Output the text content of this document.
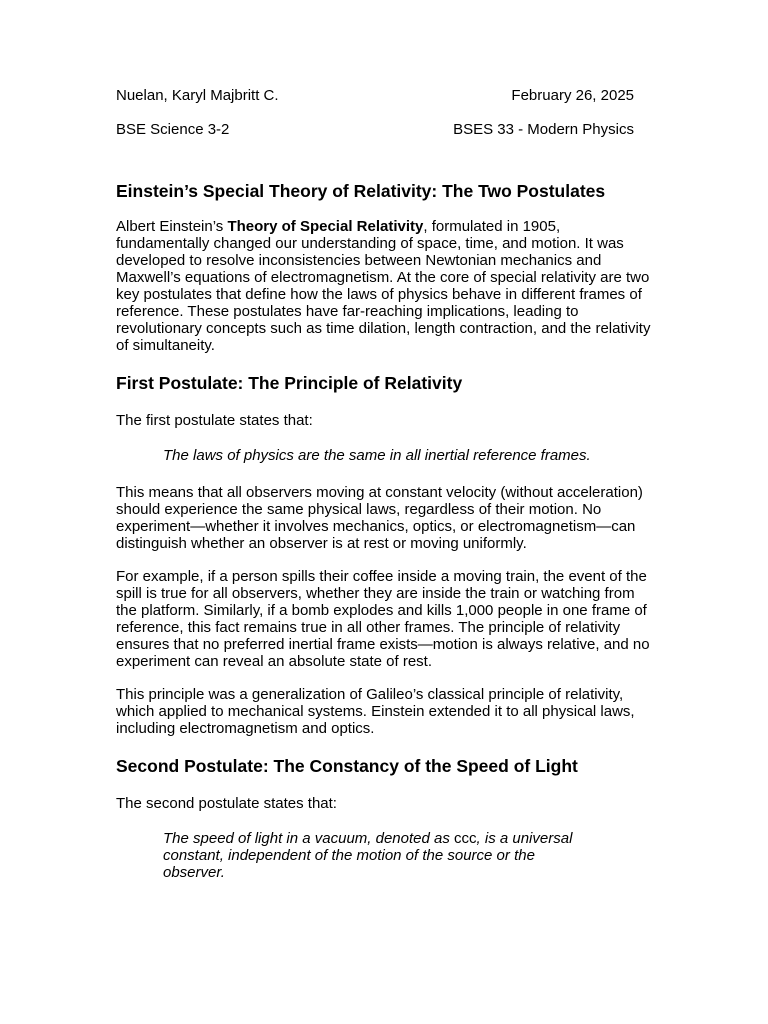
Nuelan, Karyl Majbritt C.	February 26, 2025
BSE Science 3-2	BSES 33 - Modern Physics
Einstein’s Special Theory of Relativity: The Two Postulates

Albert Einstein’s Theory of Special Relativity, formulated in 1905, fundamentally changed our understanding of space, time, and motion. It was developed to resolve inconsistencies between Newtonian mechanics and Maxwell’s equations of electromagnetism. At the core of special relativity are two key postulates that define how the laws of physics behave in different frames of reference. These postulates have far-reaching implications, leading to revolutionary concepts such as time dilation, length contraction, and the relativity of simultaneity.

First Postulate: The Principle of Relativity

The first postulate states that:

The laws of physics are the same in all inertial reference frames.

This means that all observers moving at constant velocity (without acceleration) should experience the same physical laws, regardless of their motion. No experiment—whether it involves mechanics, optics, or electromagnetism—can distinguish whether an observer is at rest or moving uniformly.

For example, if a person spills their coffee inside a moving train, the event of the spill is true for all observers, whether they are inside the train or watching from the platform. Similarly, if a bomb explodes and kills 1,000 people in one frame of reference, this fact remains true in all other frames. The principle of relativity ensures that no preferred inertial frame exists—motion is always relative, and no experiment can reveal an absolute state of rest.

This principle was a generalization of Galileo’s classical principle of relativity, which applied to mechanical systems. Einstein extended it to all physical laws, including electromagnetism and optics.

Second Postulate: The Constancy of the Speed of Light

The second postulate states that:

The speed of light in a vacuum, denoted as ccc, is a universal constant, independent of the motion of the source or the observer.
